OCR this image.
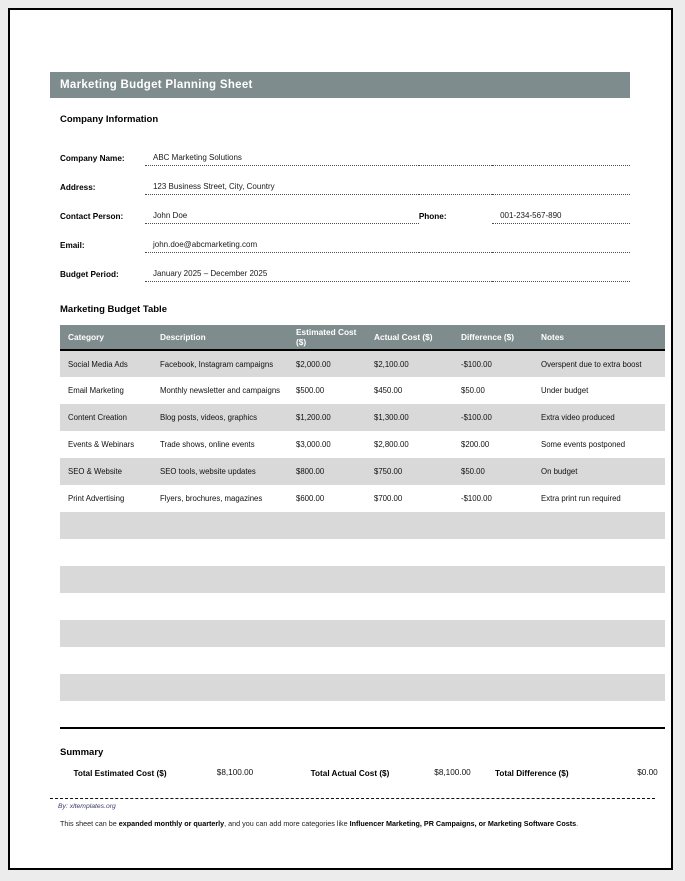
Marketing Budget Planning Sheet
Company Information
Company Name:	ABC Marketing Solutions		
Address:	123 Business Street, City, Country		
Contact Person:	John Doe	Phone:	001-234-567-890
Email:	john.doe@abcmarketing.com		
Budget Period:	January 2025 – December 2025		
Marketing Budget Table
Category	Description	Estimated Cost ($)	Actual Cost ($)	Difference ($)	Notes
Social Media Ads	Facebook, Instagram campaigns	$2,000.00	$2,100.00	-$100.00	Overspent due to extra boost
Email Marketing	Monthly newsletter and campaigns	$500.00	$450.00	$50.00	Under budget
Content Creation	Blog posts, videos, graphics	$1,200.00	$1,300.00	-$100.00	Extra video produced
Events & Webinars	Trade shows, online events	$3,000.00	$2,800.00	$200.00	Some events postponed
SEO & Website	SEO tools, website updates	$800.00	$750.00	$50.00	On budget
Print Advertising	Flyers, brochures, magazines	$600.00	$700.00	-$100.00	Extra print run required

Summary
Total Estimated Cost ($)	$8,100.00	Total Actual Cost ($)	$8,100.00	Total Difference ($)	$0.00
This sheet can be expanded monthly or quarterly, and you can add more categories like Influencer Marketing, PR Campaigns, or Marketing Software Costs.
By: xltemplates.org
